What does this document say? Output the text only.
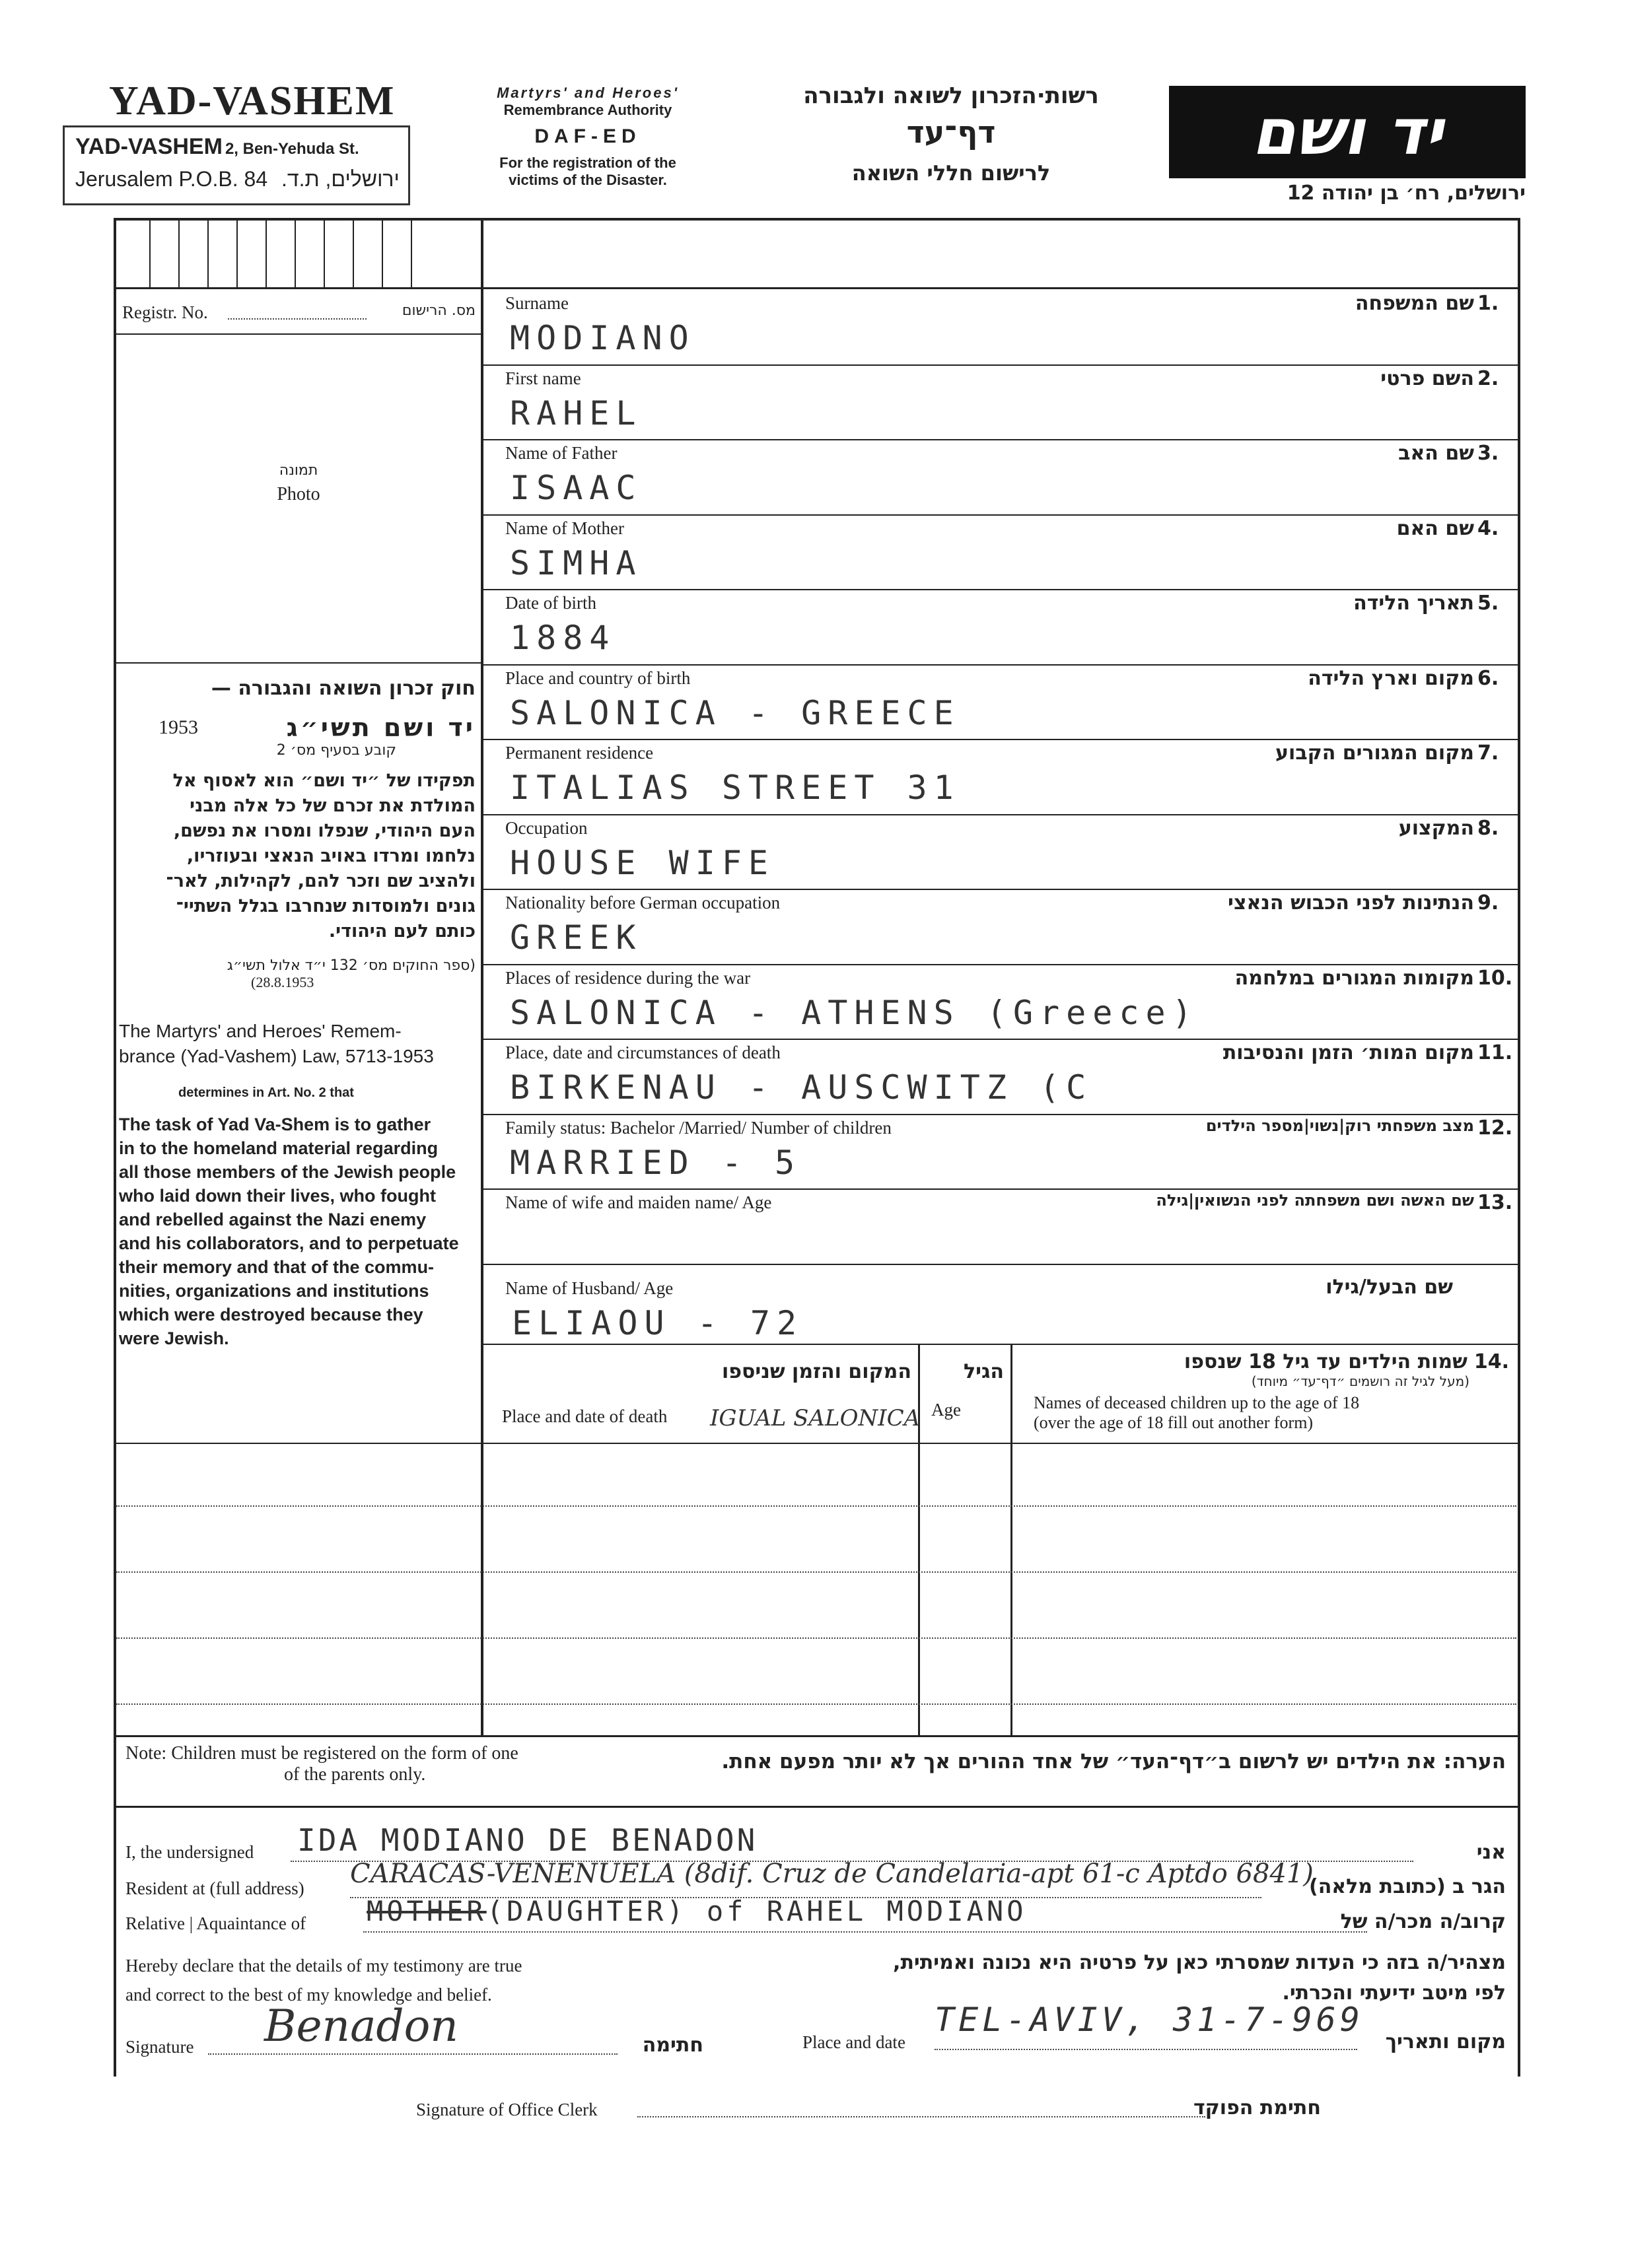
YAD-VASHEM
YAD-VASHEM 2, Ben-Yehuda St.
Jerusalem P.O.B. 84 ירושלים, ת.ד.
Martyrs' and Heroes'
Remembrance Authority
DAF-ED
For the registration of the
victims of the Disaster.
רשות·הזכרון לשואה ולגבורה
דף־עד
לרישום חללי השואה
יד ושם
ירושלים, רח׳ בן יהודה 12
Registr. No.	מס. הרישום
תמונה
Photo
חוק זכרון השואה והגבורה —
1953	יד ושם תשי״ג
קובע בסעיף מס׳ 2
תפקידו של ״יד ושם״ הוא לאסוף אל
המולדת את זכרם של כל אלה מבני
העם היהודי, שנפלו ומסרו את נפשם,
נלחמו ומרדו באויב הנאצי ובעוזריו,
ולהציב שם וזכר להם, לקהילות, לאר־
גונים ולמוסדות שנחרבו בגלל השתיי־
כותם לעם היהודי.
(ספר החוקים מס׳ 132 י״ד אלול תשי״ג
(28.8.1953
The Martyrs' and Heroes' Remem-
brance (Yad-Vashem) Law, 5713-1953
determines in Art. No. 2 that
The task of Yad Va-Shem is to gather
in to the homeland material regarding
all those members of the Jewish people
who laid down their lives, who fought
and rebelled against the Nazi enemy
and his collaborators, and to perpetuate
their memory and that of the commu-
nities, organizations and institutions
which were destroyed because they
were Jewish.
Surname	שם המשפחה 1.
MODIANO
First name	השם פרטי 2.
RAHEL
Name of Father	שם האב 3.
ISAAC
Name of Mother	שם האם 4.
SIMHA
Date of birth	תאריך הלידה 5.
1884
Place and country of birth	מקום וארץ הלידה 6.
SALONICA - GREECE
Permanent residence	מקום המגורים הקבוע 7.
ITALIAS STREET 31
Occupation	המקצוע 8.
HOUSE WIFE
Nationality before German occupation	הנתינות לפני הכבוש הנאצי 9.
GREEK
Places of residence during the war	מקומות המגורים במלחמה 10.
SALONICA - ATHENS (Greece)
Place, date and circumstances of death	מקום המות׳ הזמן והנסיבות 11.
BIRKENAU - AUSCWITZ (C
Family status: Bachelor /Married/ Number of children	מצב משפחתי רוק|נשוי|מספר הילדים 12.
MARRIED - 5
Name of wife and maiden name/ Age	שם האשה ושם משפחתה לפני הנשואין|גילה 13.
Name of Husband/ Age	שם הבעל/גילו
ELIAOU - 72
המקום והזמן שניספו
Place and date of death IGUAL SALONICA
הגיל
Age
14.
שמות הילדים עד גיל 18 שנספו
(מעל לגיל זה רושמים ״דף־עד״ מיוחד)
Names of deceased children up to the age of 18
(over the age of 18 fill out another form)
Note: Children must be registered on the form of one
of the parents only.
הערה: את הילדים יש לרשום ב״דף־העד״ של אחד ההורים אך לא יותר מפעם אחת.
I, the undersigned IDA MODIANO DE BENADON	אני
Resident at (full address) CARACAS-VENENUELA (8dif. Cruz de Candelaria-apt 61-c Aptdo 6841)
הגר ב (כתובת מלאה)
Relative | Aquaintance of MOTHER(DAUGHTER) of RAHEL MODIANO	קרוב/ה מכר/ה של
Hereby declare that the details of my testimony are true
and correct to the best of my knowledge and belief.
מצהיר/ה בזה כי העדות שמסרתי כאן על פרטיה היא נכונה ואמיתית,
לפי מיטב ידיעתי והכרתי.
Signature Benadon	חתימה	Place and date
TEL-AVIV, 31-7-969
מקום ותאריך
Signature of Office Clerk	חתימת הפוקד
